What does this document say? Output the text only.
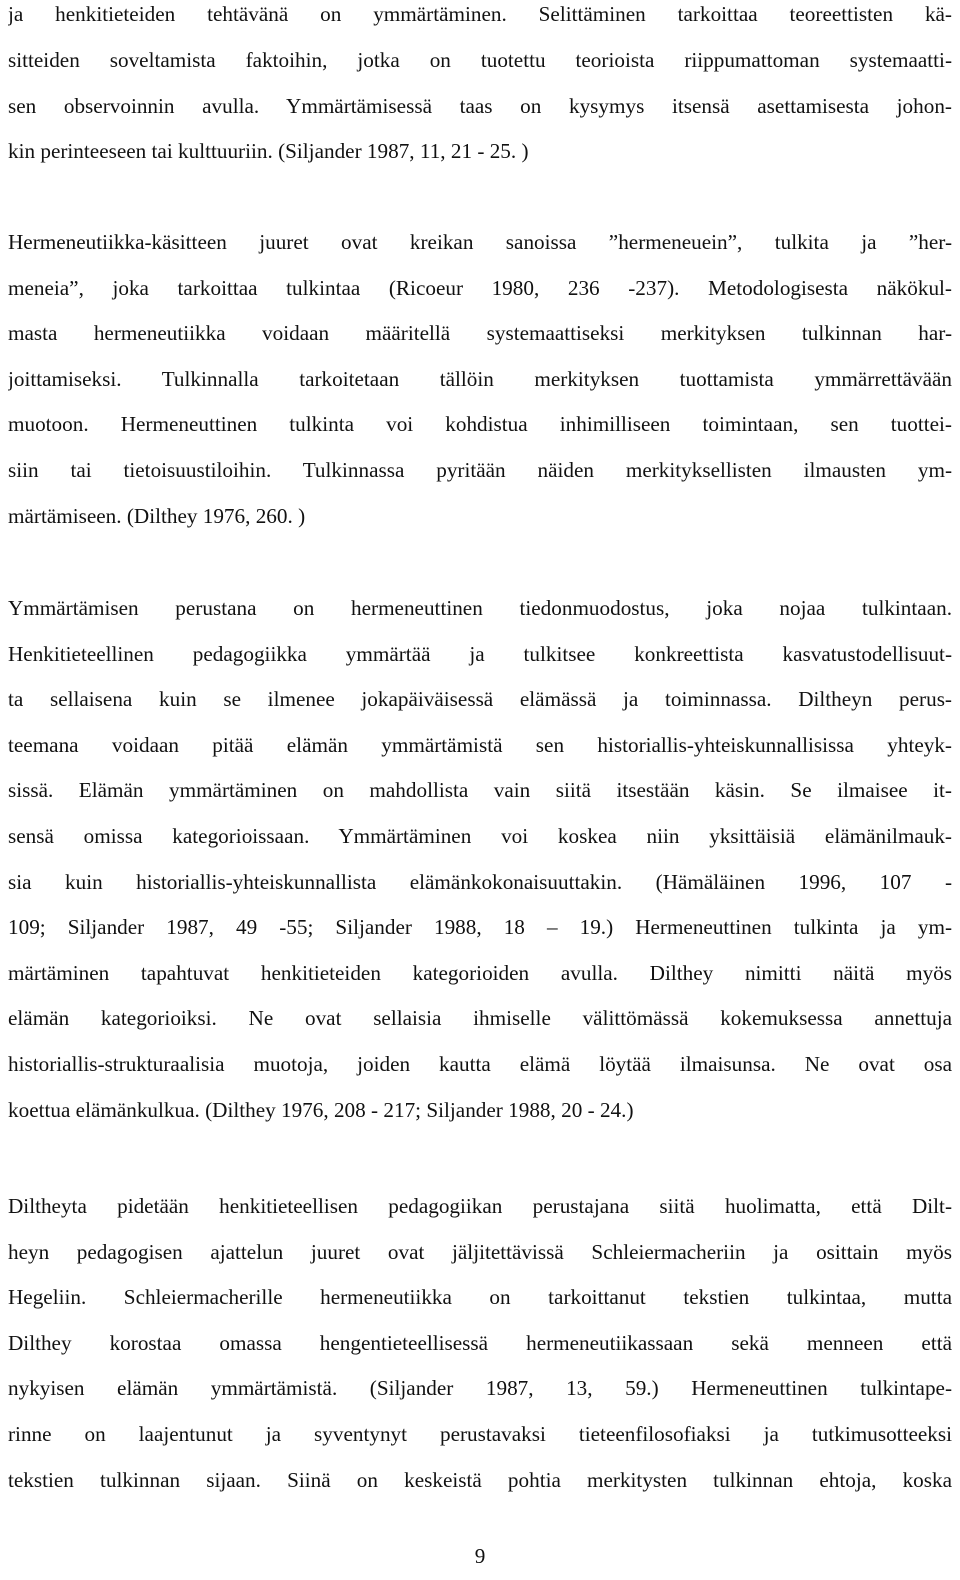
ja henkitieteiden tehtävänä on ymmärtäminen. Selittäminen tarkoittaa teoreettisten kä-
sitteiden soveltamista faktoihin, jotka on tuotettu teorioista riippumattoman systemaatti-
sen observoinnin avulla. Ymmärtämisessä taas on kysymys itsensä asettamisesta johon-
kin perinteeseen tai kulttuuriin. (Siljander 1987, 11, 21 - 25. )
Hermeneutiikka-käsitteen juuret ovat kreikan sanoissa ”hermeneuein”, tulkita ja ”her-
meneia”, joka tarkoittaa tulkintaa (Ricoeur 1980, 236 -237). Metodologisesta näkökul-
masta hermeneutiikka voidaan määritellä systemaattiseksi merkityksen tulkinnan har-
joittamiseksi. Tulkinnalla tarkoitetaan tällöin merkityksen tuottamista ymmärrettävään
muotoon. Hermeneuttinen tulkinta voi kohdistua inhimilliseen toimintaan, sen tuottei-
siin tai tietoisuustiloihin. Tulkinnassa pyritään näiden merkityksellisten ilmausten ym-
märtämiseen. (Dilthey 1976, 260. )
Ymmärtämisen perustana on hermeneuttinen tiedonmuodostus, joka nojaa tulkintaan.
Henkitieteellinen pedagogiikka ymmärtää ja tulkitsee konkreettista kasvatustodellisuut-
ta sellaisena kuin se ilmenee jokapäiväisessä elämässä ja toiminnassa. Diltheyn perus-
teemana voidaan pitää elämän ymmärtämistä sen historiallis-yhteiskunnallisissa yhteyk-
sissä. Elämän ymmärtäminen on mahdollista vain siitä itsestään käsin. Se ilmaisee it-
sensä omissa kategorioissaan. Ymmärtäminen voi koskea niin yksittäisiä elämänilmauk-
sia kuin historiallis-yhteiskunnallista elämänkokonaisuuttakin. (Hämäläinen 1996, 107 -
109; Siljander 1987, 49 -55; Siljander 1988, 18 – 19.) Hermeneuttinen tulkinta ja ym-
märtäminen tapahtuvat henkitieteiden kategorioiden avulla. Dilthey nimitti näitä myös
elämän kategorioiksi. Ne ovat sellaisia ihmiselle välittömässä kokemuksessa annettuja
historiallis-strukturaalisia muotoja, joiden kautta elämä löytää ilmaisunsa. Ne ovat osa
koettua elämänkulkua. (Dilthey 1976, 208 - 217; Siljander 1988, 20 - 24.)
Diltheyta pidetään henkitieteellisen pedagogiikan perustajana siitä huolimatta, että Dilt-
heyn pedagogisen ajattelun juuret ovat jäljitettävissä Schleiermacheriin ja osittain myös
Hegeliin. Schleiermacherille hermeneutiikka on tarkoittanut tekstien tulkintaa, mutta
Dilthey korostaa omassa hengentieteellisessä hermeneutiikassaan sekä menneen että
nykyisen elämän ymmärtämistä. (Siljander 1987, 13, 59.) Hermeneuttinen tulkintape-
rinne on laajentunut ja syventynyt perustavaksi tieteenfilosofiaksi ja tutkimusotteeksi
tekstien tulkinnan sijaan. Siinä on keskeistä pohtia merkitysten tulkinnan ehtoja, koska
9
